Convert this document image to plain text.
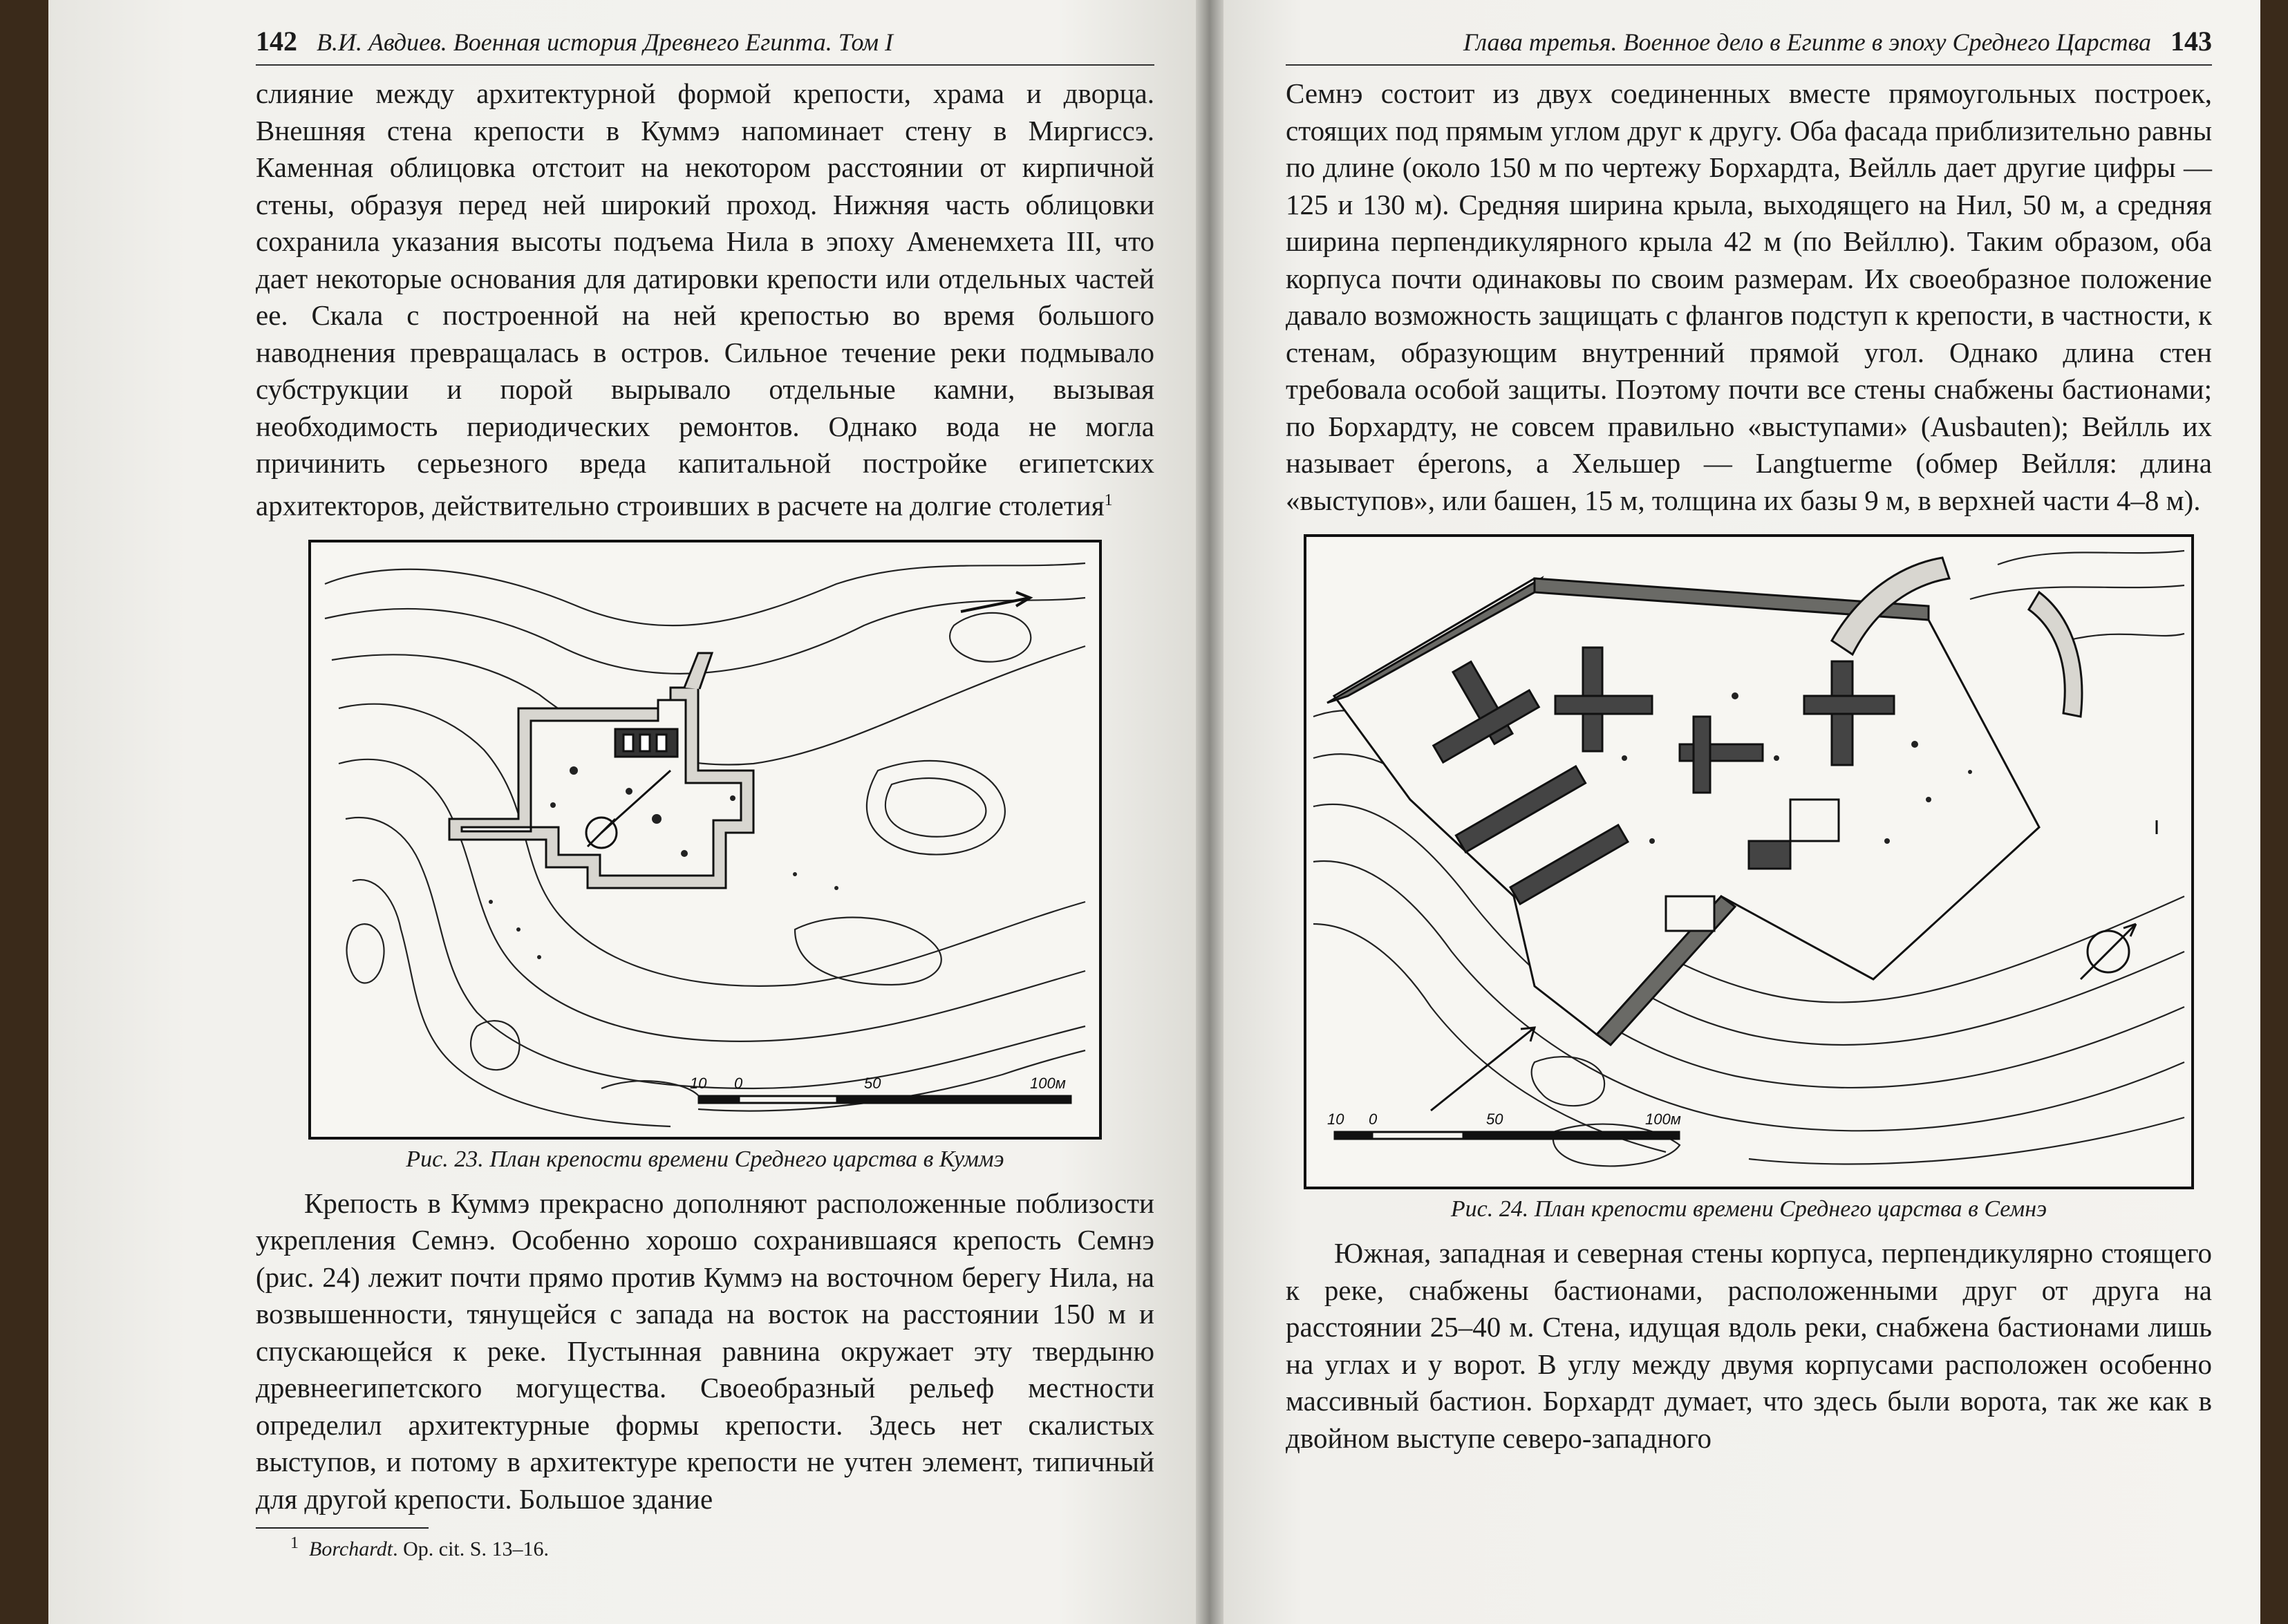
142 В.И. Авдиев. Военная история Древнего Египта. Том I

слияние между архитектурной формой крепости, храма и дворца. Внешняя стена крепости в Куммэ напоминает стену в Миргиссэ. Каменная облицовка отстоит на некотором расстоянии от кирпичной стены, образуя перед ней широкий проход. Нижняя часть облицовки сохранила указания высоты подъема Нила в эпоху Аменемхета III, что дает некоторые основания для датировки крепости или отдельных частей ее. Скала с построенной на ней крепостью во время большого наводнения превращалась в остров. Сильное течение реки подмывало субструкции и порой вырывало отдельные камни, вызывая необходимость периодических ремонтов. Однако вода не могла причинить серьезного вреда капитальной постройке египетских архитекторов, действительно строивших в расчете на долгие столетия$^1$

10 0	50	100м
Рис. 23. План крепости времени Среднего царства в Куммэ

Крепость в Куммэ прекрасно дополняют расположенные поблизости укрепления Семнэ. Особенно хорошо сохранившаяся крепость Семнэ (рис. 24) лежит почти прямо против Куммэ на восточном берегу Нила, на возвышенности, тянущейся с запада на восток на расстоянии 150 м и спускающейся к реке. Пустынная равнина окружает эту твердыню древнеегипетского могущества. Своеобразный рельеф местности определил архитектурные формы крепости. Здесь нет скалистых выступов, и потому в архитектуре крепости не учтен элемент, типичный для другой крепости. Большое здание

$^1$ Borchardt. Op. cit. S. 13–16.
Глава третья. Военное дело в Египте в эпоху Среднего Царства 143

Семнэ состоит из двух соединенных вместе прямоугольных построек, стоящих под прямым углом друг к другу. Оба фасада приблизительно равны по длине (около 150 м по чертежу Борхардта, Вейлль дает другие цифры — 125 и 130 м). Средняя ширина крыла, выходящего на Нил, 50 м, а средняя ширина перпендикулярного крыла 42 м (по Вейллю). Таким образом, оба корпуса почти одинаковы по своим размерам. Их своеобразное положение давало возможность защищать с флангов подступ к крепости, в частности, к стенам, образующим внутренний прямой угол. Однако длина стен требовала особой защиты. Поэтому почти все стены снабжены бастионами; по Борхардту, не совсем правильно «выступами» (Ausbauten); Вейлль их называет éperons, а Хельшер — Langtuerme (обмер Вейлля: длина «выступов», или башен, 15 м, толщина их базы 9 м, в верхней части 4–8 м).

10 0	50	100м
Рис. 24. План крепости времени Среднего царства в Семнэ

Южная, западная и северная стены корпуса, перпендикулярно стоящего к реке, снабжены бастионами, расположенными друг от друга на расстоянии 25–40 м. Стена, идущая вдоль реки, снабжена бастионами лишь на углах и у ворот. В углу между двумя корпусами расположен особенно массивный бастион. Борхардт думает, что здесь были ворота, так же как в двойном выступе северо-западного
